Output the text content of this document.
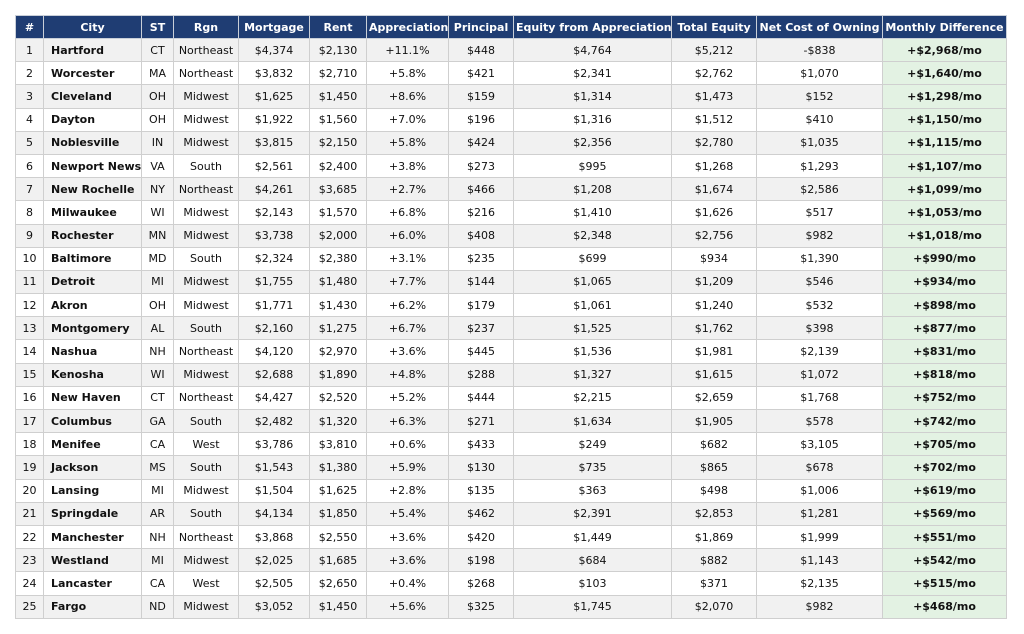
#	City	ST	Rgn	Mortgage	Rent	Appreciation	Principal	Equity from Appreciation	Total Equity	Net Cost of Owning	Monthly Difference
1	Hartford	CT	Northeast	$4,374	$2,130	+11.1%	$448	$4,764	$5,212	-$838	+$2,968/mo
2	Worcester	MA	Northeast	$3,832	$2,710	+5.8%	$421	$2,341	$2,762	$1,070	+$1,640/mo
3	Cleveland	OH	Midwest	$1,625	$1,450	+8.6%	$159	$1,314	$1,473	$152	+$1,298/mo
4	Dayton	OH	Midwest	$1,922	$1,560	+7.0%	$196	$1,316	$1,512	$410	+$1,150/mo
5	Noblesville	IN	Midwest	$3,815	$2,150	+5.8%	$424	$2,356	$2,780	$1,035	+$1,115/mo
6	Newport News	VA	South	$2,561	$2,400	+3.8%	$273	$995	$1,268	$1,293	+$1,107/mo
7	New Rochelle	NY	Northeast	$4,261	$3,685	+2.7%	$466	$1,208	$1,674	$2,586	+$1,099/mo
8	Milwaukee	WI	Midwest	$2,143	$1,570	+6.8%	$216	$1,410	$1,626	$517	+$1,053/mo
9	Rochester	MN	Midwest	$3,738	$2,000	+6.0%	$408	$2,348	$2,756	$982	+$1,018/mo
10	Baltimore	MD	South	$2,324	$2,380	+3.1%	$235	$699	$934	$1,390	+$990/mo
11	Detroit	MI	Midwest	$1,755	$1,480	+7.7%	$144	$1,065	$1,209	$546	+$934/mo
12	Akron	OH	Midwest	$1,771	$1,430	+6.2%	$179	$1,061	$1,240	$532	+$898/mo
13	Montgomery	AL	South	$2,160	$1,275	+6.7%	$237	$1,525	$1,762	$398	+$877/mo
14	Nashua	NH	Northeast	$4,120	$2,970	+3.6%	$445	$1,536	$1,981	$2,139	+$831/mo
15	Kenosha	WI	Midwest	$2,688	$1,890	+4.8%	$288	$1,327	$1,615	$1,072	+$818/mo
16	New Haven	CT	Northeast	$4,427	$2,520	+5.2%	$444	$2,215	$2,659	$1,768	+$752/mo
17	Columbus	GA	South	$2,482	$1,320	+6.3%	$271	$1,634	$1,905	$578	+$742/mo
18	Menifee	CA	West	$3,786	$3,810	+0.6%	$433	$249	$682	$3,105	+$705/mo
19	Jackson	MS	South	$1,543	$1,380	+5.9%	$130	$735	$865	$678	+$702/mo
20	Lansing	MI	Midwest	$1,504	$1,625	+2.8%	$135	$363	$498	$1,006	+$619/mo
21	Springdale	AR	South	$4,134	$1,850	+5.4%	$462	$2,391	$2,853	$1,281	+$569/mo
22	Manchester	NH	Northeast	$3,868	$2,550	+3.6%	$420	$1,449	$1,869	$1,999	+$551/mo
23	Westland	MI	Midwest	$2,025	$1,685	+3.6%	$198	$684	$882	$1,143	+$542/mo
24	Lancaster	CA	West	$2,505	$2,650	+0.4%	$268	$103	$371	$2,135	+$515/mo
25	Fargo	ND	Midwest	$3,052	$1,450	+5.6%	$325	$1,745	$2,070	$982	+$468/mo
